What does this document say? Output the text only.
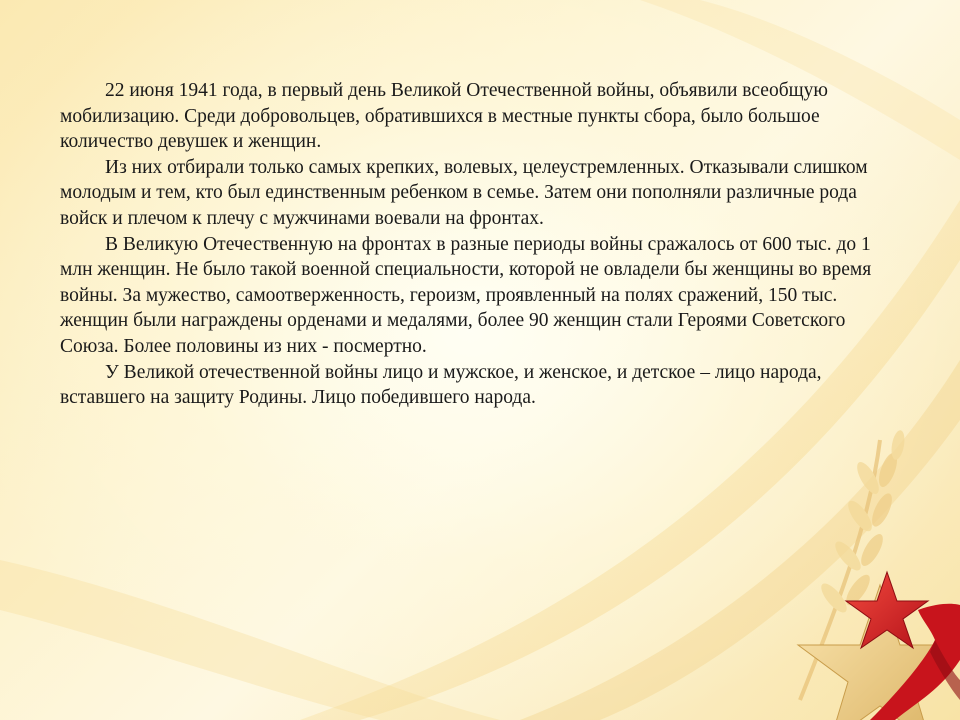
22 июня 1941 года, в первый день Великой Отечественной войны, объявили всеобщую мобилизацию. Среди добровольцев, обратившихся в местные пункты сбора, было большое количество девушек и женщин.

Из них отбирали только самых крепких, волевых, целеустремленных. Отказывали слишком молодым и тем, кто был единственным ребенком в семье. Затем они пополняли различные рода войск и плечом к плечу с мужчинами воевали на фронтах.

В Великую Отечественную на фронтах в разные периоды войны сражалось от 600 тыс. до 1 млн женщин. Не было такой военной специальности, которой не овладели бы женщины во время войны. За мужество, самоотверженность, героизм, проявленный на полях сражений, 150 тыс. женщин были награждены орденами и медалями, более 90 женщин стали Героями Советского Союза. Более половины из них - посмертно.

У Великой отечественной войны лицо и мужское, и женское, и детское – лицо народа, вставшего на защиту Родины. Лицо победившего народа.
